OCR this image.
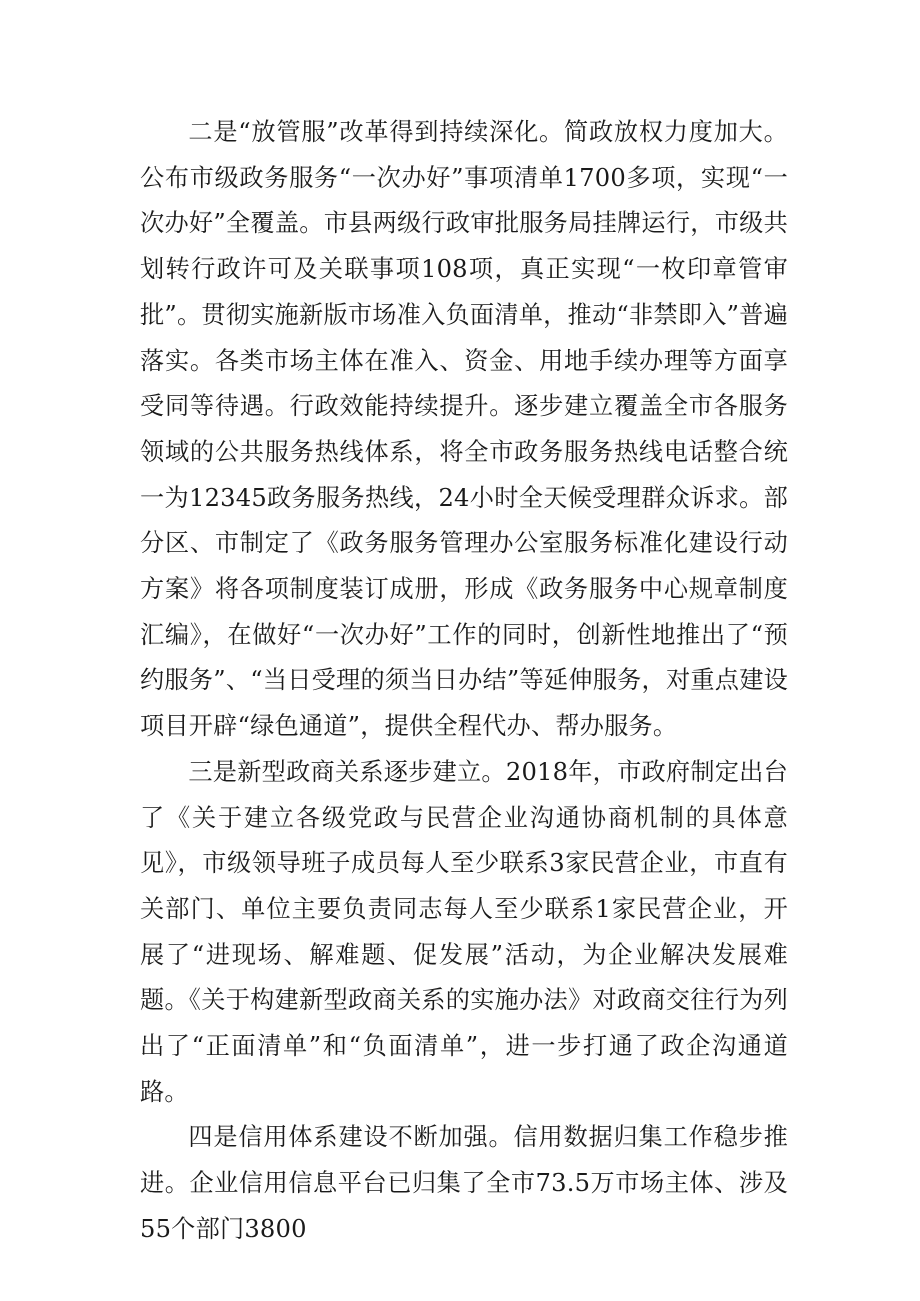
二是“放管服”改革得到持续深化。简政放权力度加大。公布市级政务服务“一次办好”事项清单1700多项，实现“一次办好”全覆盖。市县两级行政审批服务局挂牌运行，市级共划转行政许可及关联事项108项，真正实现“一枚印章管审批”。贯彻实施新版市场准入负面清单，推动“非禁即入”普遍落实。各类市场主体在准入、资金、用地手续办理等方面享受同等待遇。行政效能持续提升。逐步建立覆盖全市各服务领域的公共服务热线体系，将全市政务服务热线电话整合统一为12345政务服务热线，24小时全天候受理群众诉求。部分区、市制定了《政务服务管理办公室服务标准化建设行动方案》将各项制度装订成册，形成《政务服务中心规章制度汇编》，在做好“一次办好”工作的同时，创新性地推出了“预约服务”、“当日受理的须当日办结”等延伸服务，对重点建设项目开辟“绿色通道”，提供全程代办、帮办服务。

三是新型政商关系逐步建立。2018年，市政府制定出台了《关于建立各级党政与民营企业沟通协商机制的具体意见》，市级领导班子成员每人至少联系3家民营企业，市直有关部门、单位主要负责同志每人至少联系1家民营企业，开展了“进现场、解难题、促发展”活动，为企业解决发展难题。《关于构建新型政商关系的实施办法》对政商交往行为列出了“正面清单”和“负面清单”，进一步打通了政企沟通道路。

四是信用体系建设不断加强。信用数据归集工作稳步推进。企业信用信息平台已归集了全市73.5万市场主体、涉及55个部门3800
